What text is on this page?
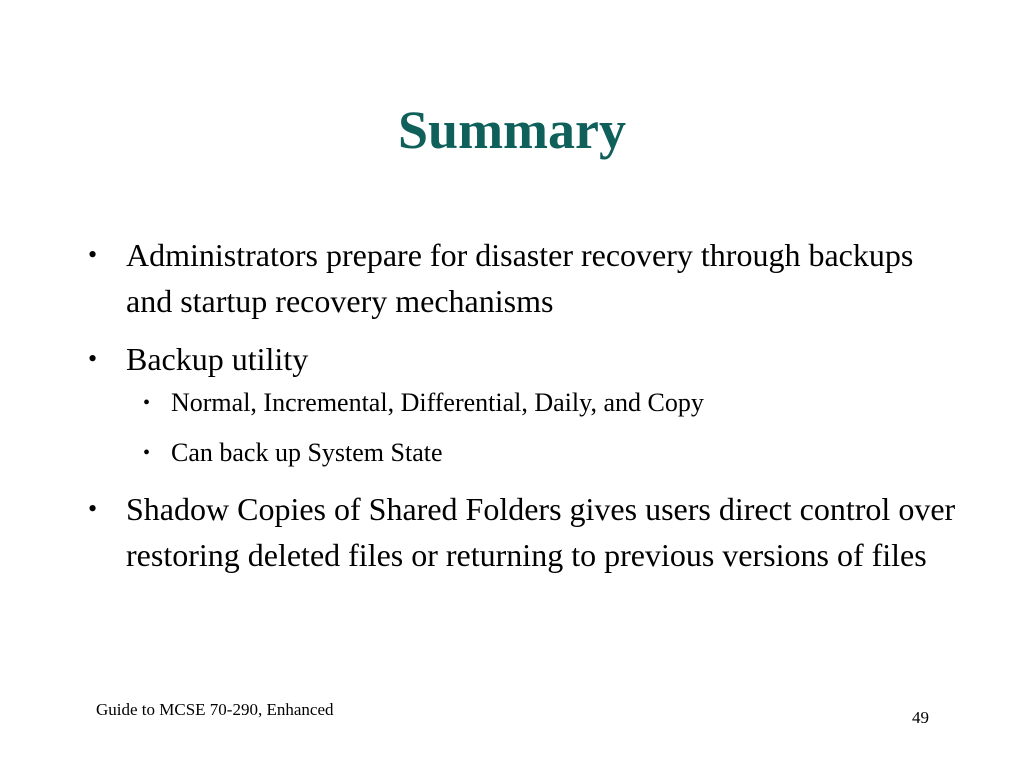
Summary
• Administrators prepare for disaster recovery through backups and startup recovery mechanisms
• Backup utility
• Normal, Incremental, Differential, Daily, and Copy
• Can back up System State
• Shadow Copies of Shared Folders gives users direct control over restoring deleted files or returning to previous versions of files
Guide to MCSE 70-290, Enhanced	49
